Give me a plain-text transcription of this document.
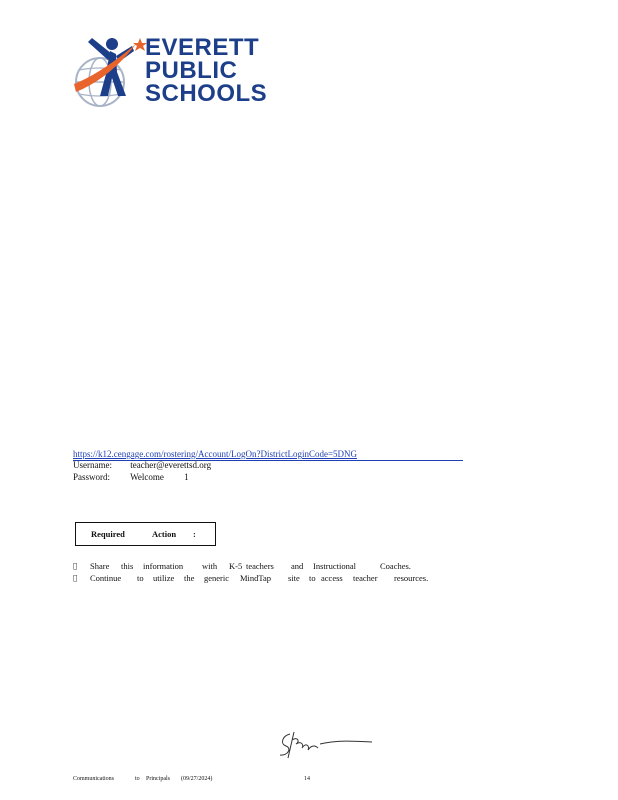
EVERETT
PUBLIC
SCHOOLS
https://k12.cengage.com/rostering/Account/LogOn?DistrictLoginCode=5DNG
Username: teacher@everettsd.org
Password: Welcome 1
Required	Action :
Share this information with K-5 teachers and Instructional	Coaches.
Continue to utilize the generic MindTap site to access teacher resources.
Communications	to Principals (09/27/2024)	14
